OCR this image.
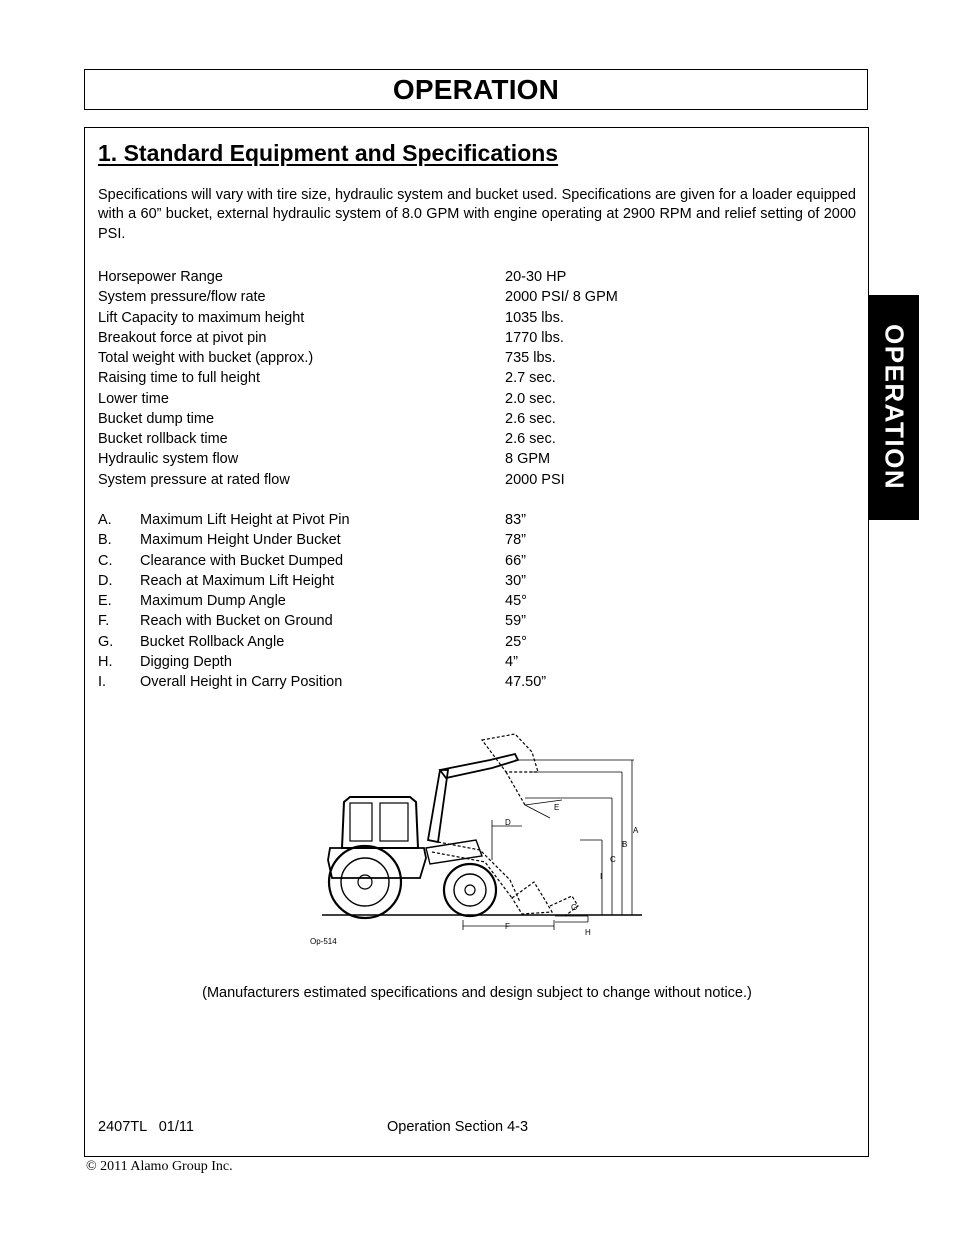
OPERATION
OPERATION
1. Standard Equipment and Specifications

Specifications will vary with tire size, hydraulic system and bucket used. Specifications are given for a loader equipped with a 60” bucket, external hydraulic system of 8.0 GPM with engine operating at 2900 RPM and relief setting of 2000 PSI.

Horsepower Range	20-30 HP
System pressure/flow rate	2000 PSI/ 8 GPM
Lift Capacity to maximum height	1035 lbs.
Breakout force at pivot pin	1770 lbs.
Total weight with bucket (approx.)	735 lbs.
Raising time to full height	2.7 sec.
Lower time	2.0 sec.
Bucket dump time	2.6 sec.
Bucket rollback time	2.6 sec.
Hydraulic system flow	8 GPM
System pressure at rated flow	2000 PSI
A. Maximum Lift Height at Pivot Pin	83”
B. Maximum Height Under Bucket	78”
C. Clearance with Bucket Dumped	66”
D. Reach at Maximum Lift Height	30”
E. Maximum Dump Angle	45°
F. Reach with Bucket on Ground	59”
G. Bucket Rollback Angle	25°
H. Digging Depth	4”
I. Overall Height in Carry Position	47.50”
A
B
C
D
E
F
G
H
I
Op-514

(Manufacturers estimated specifications and design subject to change without notice.)

2407TL   01/11	Operation Section 4-3
© 2011 Alamo Group Inc.
